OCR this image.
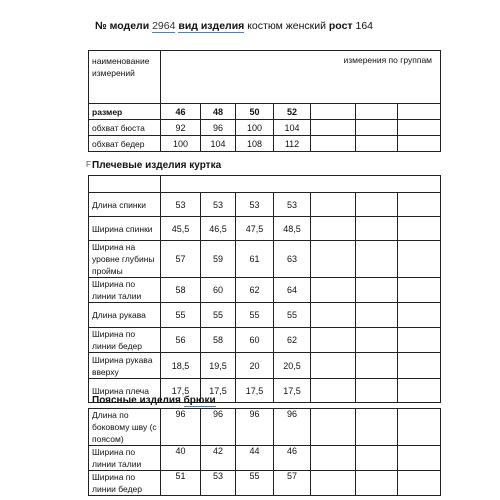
№ модели 2964 вид изделия костюм женский рост 164
наименование измерений	измерения по группам						
размер	46	48	50	52			
обхват бюста	92	96	100	104			
обхват бедер	100	104	108	112			
F Плечевые изделия куртка

Длина спинки	53	53	53	53			
Ширина спинки	45,5	46,5	47,5	48,5			
Ширина на уровне глубины проймы	57	59	61	63			
Ширина по линии талии	58	60	62	64			
Длина рукава	55	55	55	55			
Ширина по линии бедер	56	58	60	62			
Ширина рукава вверху	18,5	19,5	20	20,5			
Ширина плеча	17,5	17,5	17,5	17,5			
Поясные изделия брюки
Длина по боковому шву (с поясом)	96	96	96	96			
Ширина по линии талии	40	42	44	46			
Ширина по линии бедер	51	53	55	57			
